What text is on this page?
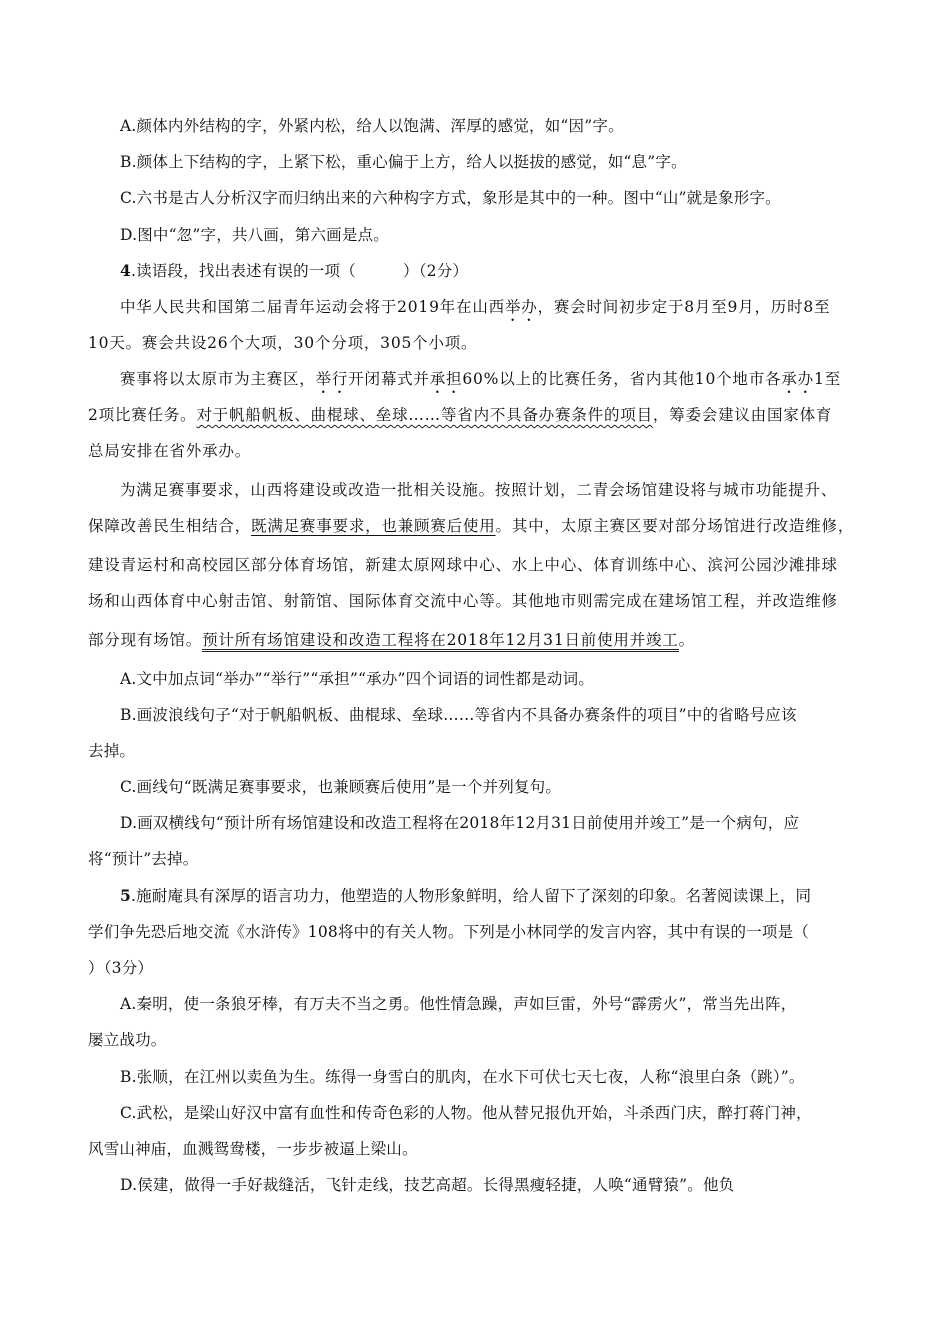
A.颜体内外结构的字，外紧内松，给人以饱满、浑厚的感觉，如“因”字。
B.颜体上下结构的字，上紧下松，重心偏于上方，给人以挺拔的感觉，如“息”字。
C.六书是古人分析汉字而归纳出来的六种构字方式，象形是其中的一种。图中“山”就是象形字。
D.图中“忽”字，共八画，第六画是点。
4.读语段，找出表述有误的一项（　　　）（2分）
中华人民共和国第二届青年运动会将于2019年在山西举办，赛会时间初步定于8月至9月，历时8至
10天。赛会共设26个大项，30个分项，305个小项。
赛事将以太原市为主赛区，举行开闭幕式并承担60%以上的比赛任务，省内其他10个地市各承办1至
2项比赛任务。对于帆船帆板、曲棍球、垒球……等省内不具备办赛条件的项目，筹委会建议由国家体育
总局安排在省外承办。
为满足赛事要求，山西将建设或改造一批相关设施。按照计划，二青会场馆建设将与城市功能提升、
保障改善民生相结合，既满足赛事要求，也兼顾赛后使用。其中，太原主赛区要对部分场馆进行改造维修，
建设青运村和高校园区部分体育场馆，新建太原网球中心、水上中心、体育训练中心、滨河公园沙滩排球
场和山西体育中心射击馆、射箭馆、国际体育交流中心等。其他地市则需完成在建场馆工程，并改造维修
部分现有场馆。预计所有场馆建设和改造工程将在2018年12月31日前使用并竣工。
A.文中加点词“举办”“举行”“承担”“承办”四个词语的词性都是动词。
B.画波浪线句子“对于帆船帆板、曲棍球、垒球……等省内不具备办赛条件的项目”中的省略号应该
去掉。
C.画线句“既满足赛事要求，也兼顾赛后使用”是一个并列复句。
D.画双横线句“预计所有场馆建设和改造工程将在2018年12月31日前使用并竣工”是一个病句，应
将“预计”去掉。
5.施耐庵具有深厚的语言功力，他塑造的人物形象鲜明，给人留下了深刻的印象。名著阅读课上，同
学们争先恐后地交流《水浒传》108将中的有关人物。下列是小林同学的发言内容，其中有误的一项是（
）（3分）
A.秦明，使一条狼牙棒，有万夫不当之勇。他性情急躁，声如巨雷，外号“霹雳火”，常当先出阵，
屡立战功。
B.张顺，在江州以卖鱼为生。练得一身雪白的肌肉，在水下可伏七天七夜，人称“浪里白条（跳）”。
C.武松，是梁山好汉中富有血性和传奇色彩的人物。他从替兄报仇开始，斗杀西门庆，醉打蒋门神，
风雪山神庙，血溅鸳鸯楼，一步步被逼上梁山。
D.侯建，做得一手好裁缝活，飞针走线，技艺高超。长得黑瘦轻捷，人唤“通臂猿”。他负
